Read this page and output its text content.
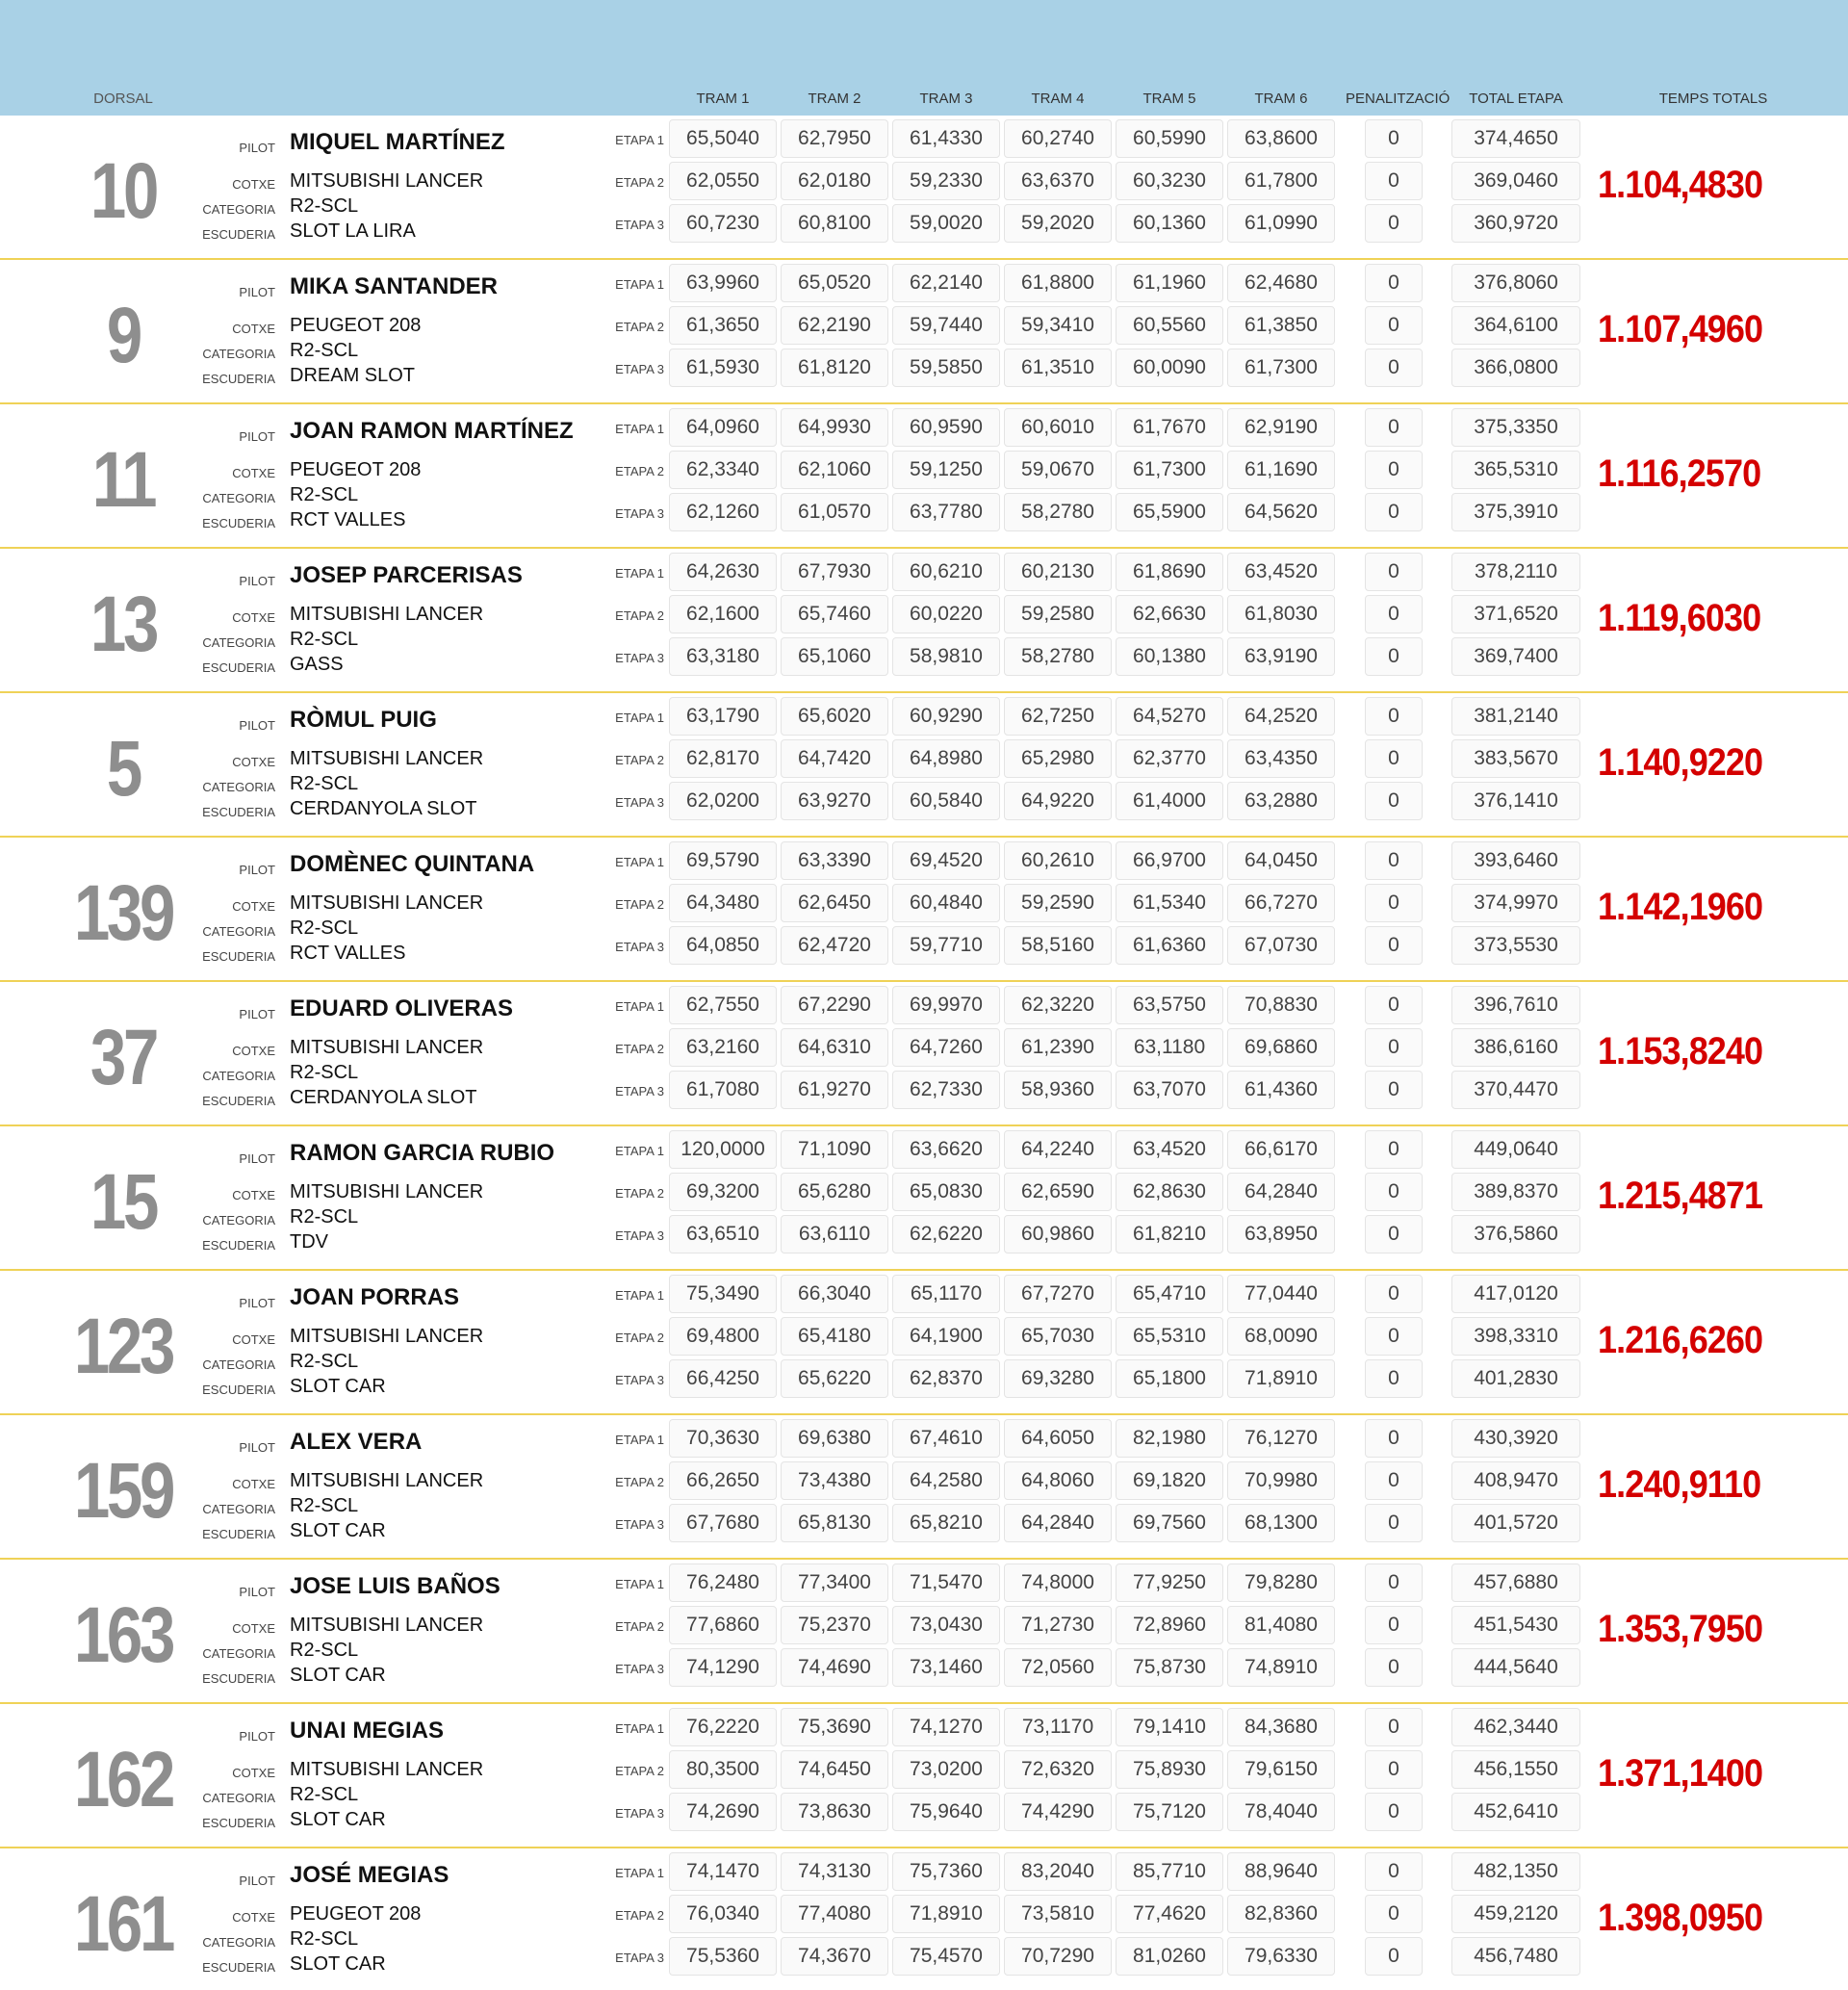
DORSAL	TRAM 1	TRAM 2	TRAM 3	TRAM 4	TRAM 5	TRAM 6	PENALITZACIÓ	TOTAL ETAPA	TEMPS TOTALS
10	PILOT MIQUEL MARTÍNEZ
COTXE MITSUBISHI LANCER
CATEGORIA R2-SCL
ESCUDERIA SLOT LA LIRA
ETAPA 1	65,5040	62,7950	61,4330	60,2740	60,5990	63,8600	0	374,4650
ETAPA 2	62,0550	62,0180	59,2330	63,6370	60,3230	61,7800	0	369,0460
ETAPA 3	60,7230	60,8100	59,0020	59,2020	60,1360	61,0990	0	360,9720
1.104,4830
9	PILOT MIKA SANTANDER
COTXE PEUGEOT 208
CATEGORIA R2-SCL
ESCUDERIA DREAM SLOT
ETAPA 1	63,9960	65,0520	62,2140	61,8800	61,1960	62,4680	0	376,8060
ETAPA 2	61,3650	62,2190	59,7440	59,3410	60,5560	61,3850	0	364,6100
ETAPA 3	61,5930	61,8120	59,5850	61,3510	60,0090	61,7300	0	366,0800
1.107,4960
11	PILOT JOAN RAMON MARTÍNEZ
COTXE PEUGEOT 208
CATEGORIA R2-SCL
ESCUDERIA RCT VALLES
ETAPA 1	64,0960	64,9930	60,9590	60,6010	61,7670	62,9190	0	375,3350
ETAPA 2	62,3340	62,1060	59,1250	59,0670	61,7300	61,1690	0	365,5310
ETAPA 3	62,1260	61,0570	63,7780	58,2780	65,5900	64,5620	0	375,3910
1.116,2570
13	PILOT JOSEP PARCERISAS
COTXE MITSUBISHI LANCER
CATEGORIA R2-SCL
ESCUDERIA GASS
ETAPA 1	64,2630	67,7930	60,6210	60,2130	61,8690	63,4520	0	378,2110
ETAPA 2	62,1600	65,7460	60,0220	59,2580	62,6630	61,8030	0	371,6520
ETAPA 3	63,3180	65,1060	58,9810	58,2780	60,1380	63,9190	0	369,7400
1.119,6030
5	PILOT RÒMUL PUIG
COTXE MITSUBISHI LANCER
CATEGORIA R2-SCL
ESCUDERIA CERDANYOLA SLOT
ETAPA 1	63,1790	65,6020	60,9290	62,7250	64,5270	64,2520	0	381,2140
ETAPA 2	62,8170	64,7420	64,8980	65,2980	62,3770	63,4350	0	383,5670
ETAPA 3	62,0200	63,9270	60,5840	64,9220	61,4000	63,2880	0	376,1410
1.140,9220
139	PILOT DOMÈNEC QUINTANA
COTXE MITSUBISHI LANCER
CATEGORIA R2-SCL
ESCUDERIA RCT VALLES
ETAPA 1	69,5790	63,3390	69,4520	60,2610	66,9700	64,0450	0	393,6460
ETAPA 2	64,3480	62,6450	60,4840	59,2590	61,5340	66,7270	0	374,9970
ETAPA 3	64,0850	62,4720	59,7710	58,5160	61,6360	67,0730	0	373,5530
1.142,1960
37	PILOT EDUARD OLIVERAS
COTXE MITSUBISHI LANCER
CATEGORIA R2-SCL
ESCUDERIA CERDANYOLA SLOT
ETAPA 1	62,7550	67,2290	69,9970	62,3220	63,5750	70,8830	0	396,7610
ETAPA 2	63,2160	64,6310	64,7260	61,2390	63,1180	69,6860	0	386,6160
ETAPA 3	61,7080	61,9270	62,7330	58,9360	63,7070	61,4360	0	370,4470
1.153,8240
15	PILOT RAMON GARCIA RUBIO
COTXE MITSUBISHI LANCER
CATEGORIA R2-SCL
ESCUDERIA TDV
ETAPA 1 120,0000	71,1090	63,6620	64,2240	63,4520	66,6170	0	449,0640
ETAPA 2	69,3200	65,6280	65,0830	62,6590	62,8630	64,2840	0	389,8370
ETAPA 3	63,6510	63,6110	62,6220	60,9860	61,8210	63,8950	0	376,5860
1.215,4871
123	PILOT JOAN PORRAS
COTXE MITSUBISHI LANCER
CATEGORIA R2-SCL
ESCUDERIA SLOT CAR
ETAPA 1	75,3490	66,3040	65,1170	67,7270	65,4710	77,0440	0	417,0120
ETAPA 2	69,4800	65,4180	64,1900	65,7030	65,5310	68,0090	0	398,3310
ETAPA 3	66,4250	65,6220	62,8370	69,3280	65,1800	71,8910	0	401,2830
1.216,6260
159	PILOT ALEX VERA
COTXE MITSUBISHI LANCER
CATEGORIA R2-SCL
ESCUDERIA SLOT CAR
ETAPA 1	70,3630	69,6380	67,4610	64,6050	82,1980	76,1270	0	430,3920
ETAPA 2	66,2650	73,4380	64,2580	64,8060	69,1820	70,9980	0	408,9470
ETAPA 3	67,7680	65,8130	65,8210	64,2840	69,7560	68,1300	0	401,5720
1.240,9110
163	PILOT JOSE LUIS BAÑOS
COTXE MITSUBISHI LANCER
CATEGORIA R2-SCL
ESCUDERIA SLOT CAR
ETAPA 1	76,2480	77,3400	71,5470	74,8000	77,9250	79,8280	0	457,6880
ETAPA 2	77,6860	75,2370	73,0430	71,2730	72,8960	81,4080	0	451,5430
ETAPA 3	74,1290	74,4690	73,1460	72,0560	75,8730	74,8910	0	444,5640
1.353,7950
162	PILOT UNAI MEGIAS
COTXE MITSUBISHI LANCER
CATEGORIA R2-SCL
ESCUDERIA SLOT CAR
ETAPA 1	76,2220	75,3690	74,1270	73,1170	79,1410	84,3680	0	462,3440
ETAPA 2	80,3500	74,6450	73,0200	72,6320	75,8930	79,6150	0	456,1550
ETAPA 3	74,2690	73,8630	75,9640	74,4290	75,7120	78,4040	0	452,6410
1.371,1400
161	PILOT JOSÉ MEGIAS
COTXE PEUGEOT 208
CATEGORIA R2-SCL
ESCUDERIA SLOT CAR
ETAPA 1	74,1470	74,3130	75,7360	83,2040	85,7710	88,9640	0	482,1350
ETAPA 2	76,0340	77,4080	71,8910	73,5810	77,4620	82,8360	0	459,2120
ETAPA 3	75,5360	74,3670	75,4570	70,7290	81,0260	79,6330	0	456,7480
1.398,0950
